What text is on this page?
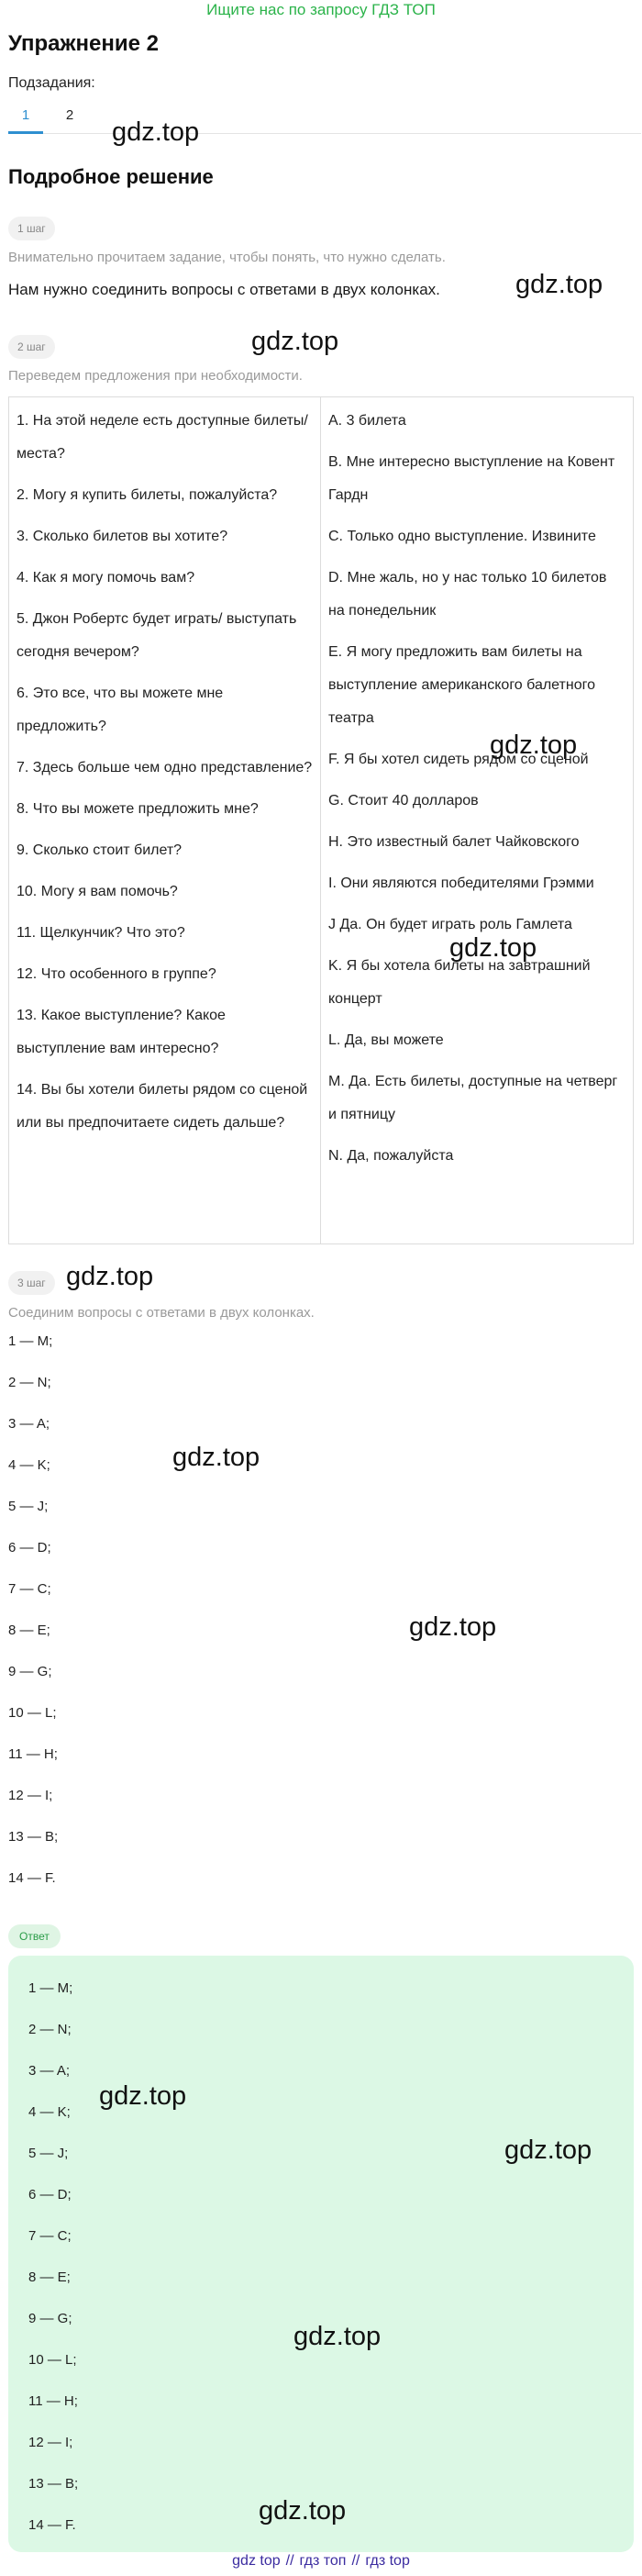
Ищите нас по запросу ГДЗ ТОП
Упражнение 2
Подзадания:
1	2
Подробное решение
1 шаг
Внимательно прочитаем задание, чтобы понять, что нужно сделать.
Нам нужно соединить вопросы с ответами в двух колонках.
2 шаг
Переведем предложения при необходимости.
1. На этой неделе есть доступные билеты/места?
2. Могу я купить билеты, пожалуйста?
3. Сколько билетов вы хотите?
4. Как я могу помочь вам?
5. Джон Робертс будет играть/ выступать сегодня вечером?
6. Это все, что вы можете мне предложить?
7. Здесь больше чем одно представление?
8. Что вы можете предложить мне?
9. Сколько стоит билет?
10. Могу я вам помочь?
11. Щелкунчик? Что это?
12. Что особенного в группе?
13. Какое выступление? Какое выступление вам интересно?
14. Вы бы хотели билеты рядом со сценой или вы предпочитаете сидеть дальше?
A. 3 билета
B. Мне интересно выступление на Ковент Гардн
C. Только одно выступление. Извините
D. Мне жаль, но у нас только 10 билетов на понедельник
E. Я могу предложить вам билеты на выступление американского балетного театра
F. Я бы хотел сидеть рядом со сценой
G. Стоит 40 долларов
H. Это известный балет Чайковского
I. Они являются победителями Грэмми
J Да. Он будет играть роль Гамлета
K. Я бы хотела билеты на завтрашний концерт
L. Да, вы можете
M. Да. Есть билеты, доступные на четверг и пятницу
N. Да, пожалуйста
3 шаг
Соединим вопросы с ответами в двух колонках.
1 — M;
2 — N;
3 — A;
4 — K;
5 — J;
6 — D;
7 — C;
8 — E;
9 — G;
10 — L;
11 — H;
12 — I;
13 — B;
14 — F.
Ответ
1 — M;
2 — N;
3 — A;
4 — K;
5 — J;
6 — D;
7 — C;
8 — E;
9 — G;
10 — L;
11 — H;
12 — I;
13 — B;
14 — F.
gdz top // гдз топ // гдз top
gdz.top
gdz.top
gdz.top
gdz.top
gdz.top
gdz.top
gdz.top
gdz.top
gdz.top
gdz.top
gdz.top
gdz.top
